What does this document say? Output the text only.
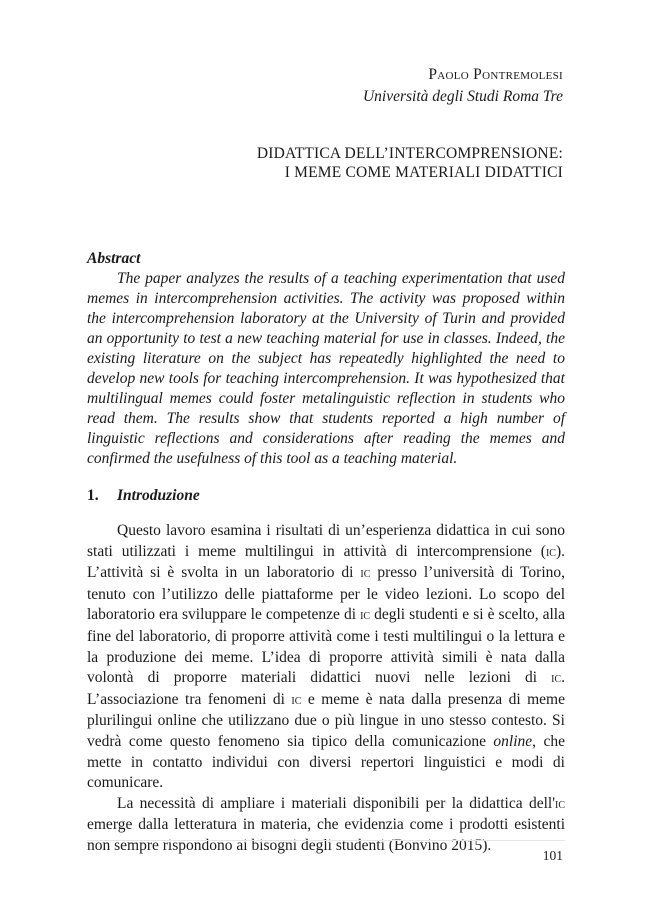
Paolo Pontremolesi
Università degli Studi Roma Tre
DIDATTICA DELL’INTERCOMPRENSIONE:
I MEME COME MATERIALI DIDATTICI
Abstract

The paper analyzes the results of a teaching experimentation that used memes in intercomprehension activities. The activity was proposed within the intercomprehension laboratory at the University of Turin and provided an opportunity to test a new teaching material for use in classes. Indeed, the existing literature on the subject has repeatedly highlighted the need to develop new tools for teaching intercomprehension. It was hypothesized that multilingual memes could foster metalinguistic reflection in students who read them. The results show that students reported a high number of linguistic reflections and considerations after reading the memes and confirmed the usefulness of this tool as a teaching material.

1. Introduzione

Questo lavoro esamina i risultati di un’esperienza didattica in cui sono stati utilizzati i meme multilingui in attività di intercomprensione (ic). L’attività si è svolta in un laboratorio di ic presso l’università di Torino, tenuto con l’utilizzo delle piattaforme per le video lezioni. Lo scopo del laboratorio era sviluppare le competenze di ic degli studenti e si è scelto, alla fine del laboratorio, di proporre attività come i testi multilingui o la lettura e la produzione dei meme. L’idea di proporre attività simili è nata dalla volontà di proporre materiali didattici nuovi nelle lezioni di ic. L’associazione tra fenomeni di ic e meme è nata dalla presenza di meme plurilingui online che utilizzano due o più lingue in uno stesso contesto. Si vedrà come questo fenomeno sia tipico della comunicazione online, che mette in contatto individui con diversi repertori linguistici e modi di comunicare.

La necessità di ampliare i materiali disponibili per la didattica dell'ic emerge dalla letteratura in materia, che evidenzia come i prodotti esistenti non sempre rispondono ai bisogni degli studenti (Bonvino 2015).

101
